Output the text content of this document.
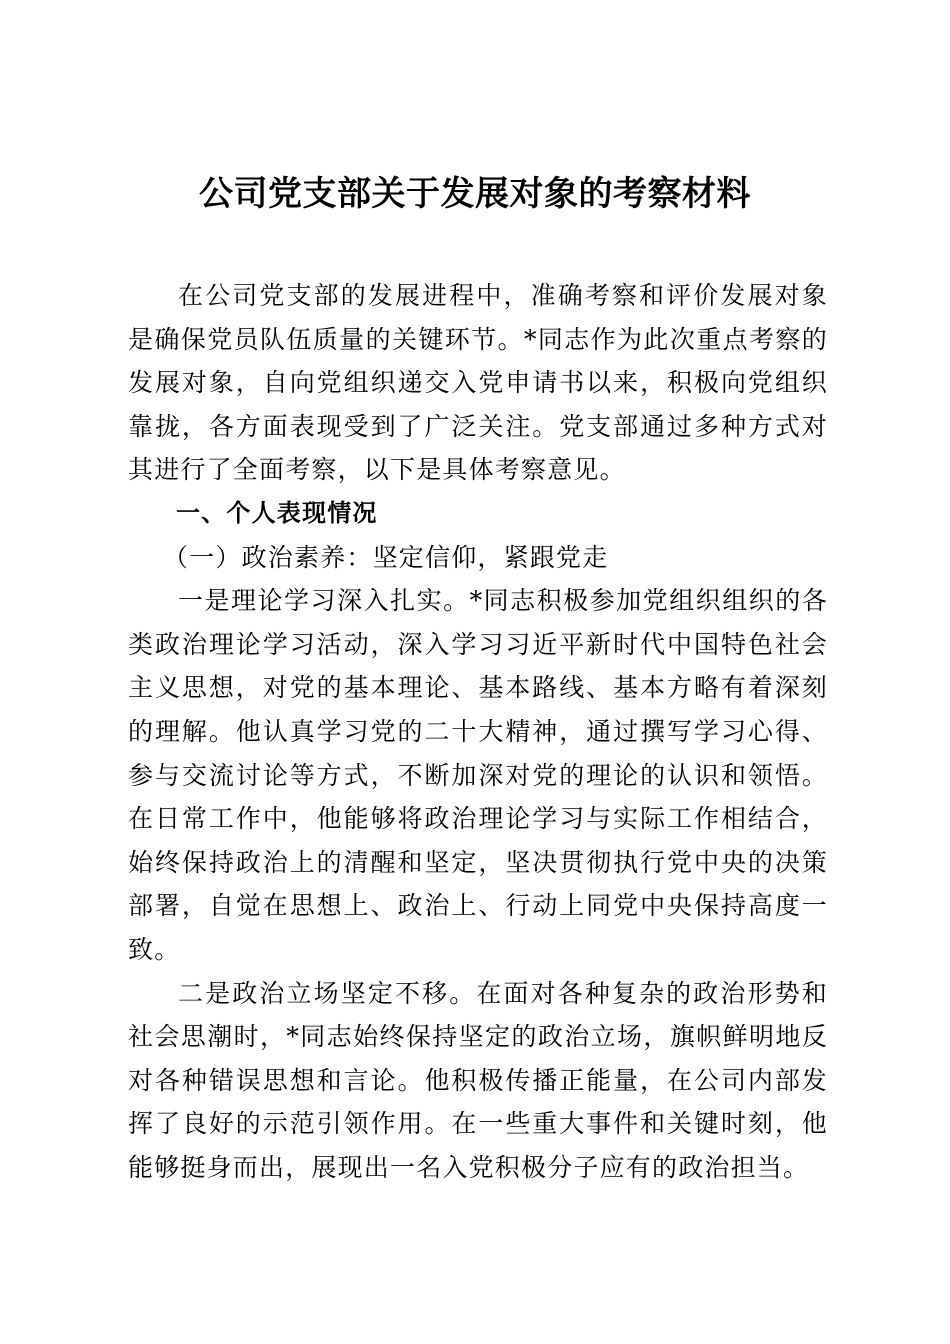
公司党支部关于发展对象的考察材料

在公司党支部的发展进程中，准确考察和评价发展对象是确保党员队伍质量的关键环节。*同志作为此次重点考察的发展对象，自向党组织递交入党申请书以来，积极向党组织靠拢，各方面表现受到了广泛关注。党支部通过多种方式对其进行了全面考察，以下是具体考察意见。

一、个人表现情况

（一）政治素养：坚定信仰，紧跟党走

一是理论学习深入扎实。*同志积极参加党组织组织的各类政治理论学习活动，深入学习习近平新时代中国特色社会主义思想，对党的基本理论、基本路线、基本方略有着深刻的理解。他认真学习党的二十大精神，通过撰写学习心得、参与交流讨论等方式，不断加深对党的理论的认识和领悟。在日常工作中，他能够将政治理论学习与实际工作相结合，始终保持政治上的清醒和坚定，坚决贯彻执行党中央的决策部署，自觉在思想上、政治上、行动上同党中央保持高度一致。

二是政治立场坚定不移。在面对各种复杂的政治形势和社会思潮时，*同志始终保持坚定的政治立场，旗帜鲜明地反对各种错误思想和言论。他积极传播正能量，在公司内部发挥了良好的示范引领作用。在一些重大事件和关键时刻，他能够挺身而出，展现出一名入党积极分子应有的政治担当。
